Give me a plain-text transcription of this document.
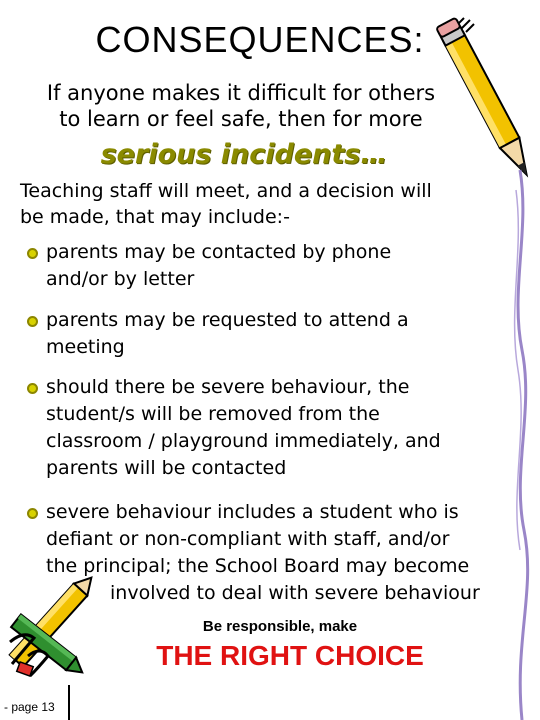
CONSEQUENCES:
If anyone makes it difficult for others
to learn or feel safe, then for more
serious incidents…
Teaching staff will meet, and a decision will
be made, that may include:-
parents may be contacted by phone
and/or by letter
parents may be requested to attend a
meeting
should there be severe behaviour, the
student/s will be removed from the
classroom / playground immediately, and
parents will be contacted
severe behaviour includes a student who is
defiant or non-compliant with staff, and/or
the principal; the School Board may become
involved to deal with severe behaviour
Be responsible, make
THE RIGHT CHOICE
- page 13
